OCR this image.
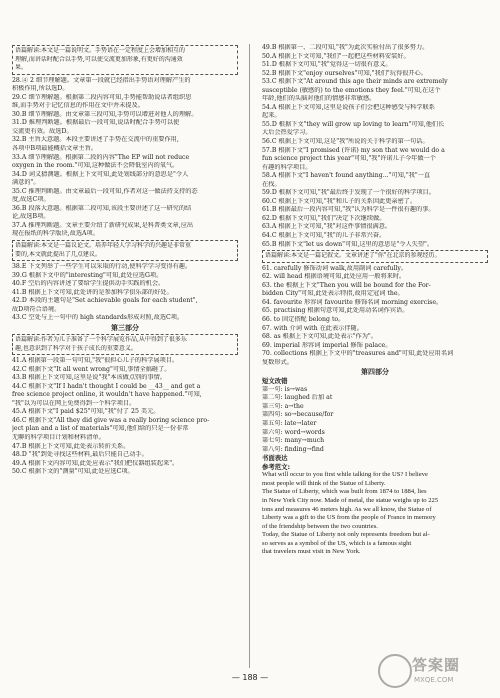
语篇解读:本文是一篇说明文。手势语在一定程度上会增加相互的
理解,而讲话时配合以手势,可以使交流更加形象,有更好的沟通效
果。
28.④ 2 细节理解题。文章第一段就已经指出手势语对理解产生的
积极作用,所以选D。
29.C 细节理解题。根据第二段内容可知,手势能帮助说话者组织思
维,而手势对于记忆信息的作用在文中并未提及。
30.B 细节理解题。由文章第三段可知,手势可以增进对他人的理解。
31.D 推理判断题。根据最后一段可知,说话时配合手势可以使
交流更有效。故选D。
32.B 主旨大意题。本段主要讲述了手势在交流中的重要作用,
各项中B项最能概括文章主旨。
33.A 细节理解题。根据第二段的内容"The EP will not reduce
oxygen in the room."可知,这种做法不会降低室内的氧气。
34.D 词义猜测题。根据上下文可知,此处划线部分的意思是"令人
满意的"。
35.C 推理判断题。由文章最后一段可知,作者对这一做法持支持的态
度,故选C项。
36.B 段落大意题。根据第二段可知,该段主要讲述了这一研究的结
论,故选B项。
37.A 推理判断题。文章主要介绍了新研究成果,是科普类文章,应出
现在报纸的科学版块,故选A项。
语篇解读:本文是一篇议论文。培养年轻人学习科学的兴趣是非常重
要的,本文就此提出了几点建议。
38.E 下文列举了一些学生可以采取的行动,使科学学习变得有趣。
39.G 根据下文中的"interesting"可知,此处应选G项。
40.F 空后的内容讲述了要给学生提供动手实践的机会。
41.B 根据上下文可知,此处讲的是参加科学俱乐部的好处。
42.D 本段的主题句是"Set achievable goals for each student",
故D项符合语境。
43.C 空处与上一句中的 high standards形成对照,故选C项。
第三部分
语篇解读:作者为儿子准备了一个科学展览作品,从中得到了很多乐
趣,也意识到了科学对于孩子成长的重要意义。
41.A 根据第一段第一句可知,"我"很担心儿子的科学展项目。
42.C 根据下文"It all went wrong"可知,事情全搞砸了。
43.B 根据上下文可知,这里是说"我"本该做点别的事情。
44.C 根据下文"If I hadn't thought I could be __43__ and get a
free science project online, it wouldn't have happened."可知,
"我"以为可以在网上免费得到一个科学项目。
45.A 根据下文"I paid $25"可知,"我"付了 25 美元。
46.C 根据下文"All they did give was a really boring science pro-
ject plan and a list of materials"可知,他们给的只是一份非常
无聊的科学项目计划和材料清单。
47.B 根据上下文可知,此处表示转折关系。
48.D "我"到处寻找这些材料,最后只能自己动手。
49.A 根据下文内容可知,此处应表示"我们把仪器组装起来"。
50.C 根据下文的"测量"可知,此处应选C项。
49.B 根据第一、二段可知,"我"为此次实验付出了很多努力。
50.A 根据上下文可知,"我们"一起把这些材料安装好。
51.D 根据下文可知,"我"觉得这一切很有意义。
52.B 根据下文"enjoy ourselves"可知,"我们"玩得很开心。
53.C 根据下文"At around this age their minds are extremely
susceptible (敏感的) to the emotions they feel."可知,在这个
年龄,他们的头脑对他们的情感非常敏感。
54.A 根据上下文可知,这里是说孩子们会把这种感受与科学联系
起来。
55.D 根据下文"they will grow up loving to learn"可知,他们长
大后会热爱学习。
56.C 根据上下文可知,这是"我"所说的关于科学的第一句话。
57.B 根据下文"I promised (许诺) my son that we would do a
fun science project this year"可知,"我"许诺儿子今年做一个
有趣的科学项目。
58.A 根据下文"I haven't found anything..."可知,"我"一直
在找。
59.D 根据下文可知,"我"最后终于发现了一个很好的科学项目。
60.C 根据上下文可知,"我"和儿子的关系因此更亲密了。
61.B 根据最后一段内容可知,"我"认为科学是一件很有趣的事。
62.D 根据下文可知,"我们"决定下次继续做。
63.A 根据上下文可知,"我"对这件事情很满意。
64.C 根据上下文可知,"我"的儿子非常兴奋。
65.B 根据下文"let us down"可知,这里的意思是"令人失望"。
语篇解读:本文是一篇记叙文。文章讲述了"你"在北京的参观经历。
61. carefully 修饰动词 walk,故用副词 carefully。
62. will head 根据语境可知,此处应用一般将来时。
63. the 根据上下文"Then you will be bound for the For-
bidden City"可知,此处表示特指,故用定冠词 the。
64. favourite 形容词 favourite 修饰名词 morning exercise。
65. practising 根据句意可知,此处用动名词作宾语。
66. to 固定搭配 belong to。
67. with 介词 with 在此表示伴随。
68. as 根据上下文可知,此处表示"作为"。
69. imperial 形容词 imperial 修饰 palace。
70. collections 根据上下文中的"treasures and"可知,此处应用名词
复数形式。
第四部分
短文改错
第一句: is→was
第二句: laughed 后加 at
第三句: a→the
第四句: so→because/for
第五句: late→later
第六句: word→words
第七句: many→much
第八句: finding→find
书面表达
参考范文:
What will occur to you first while talking for the US? I believe
most people will think of the Statue of Liberty.
The Statue of Liberty, which was built from 1874 to 1884, lies
in New York City now. Made of metal, the statue weighs up to 225
tons and measures 46 meters high. As we all know, the Statue of
Liberty was a gift to the US from the people of France in memory
of the friendship between the two countries.
Today, the Statue of Liberty not only represents freedom but al-
so serves as a symbol of the US, which is a famous sight
that travelers must visit in New York.
— 188 —
答案圈
MXQE.COM
